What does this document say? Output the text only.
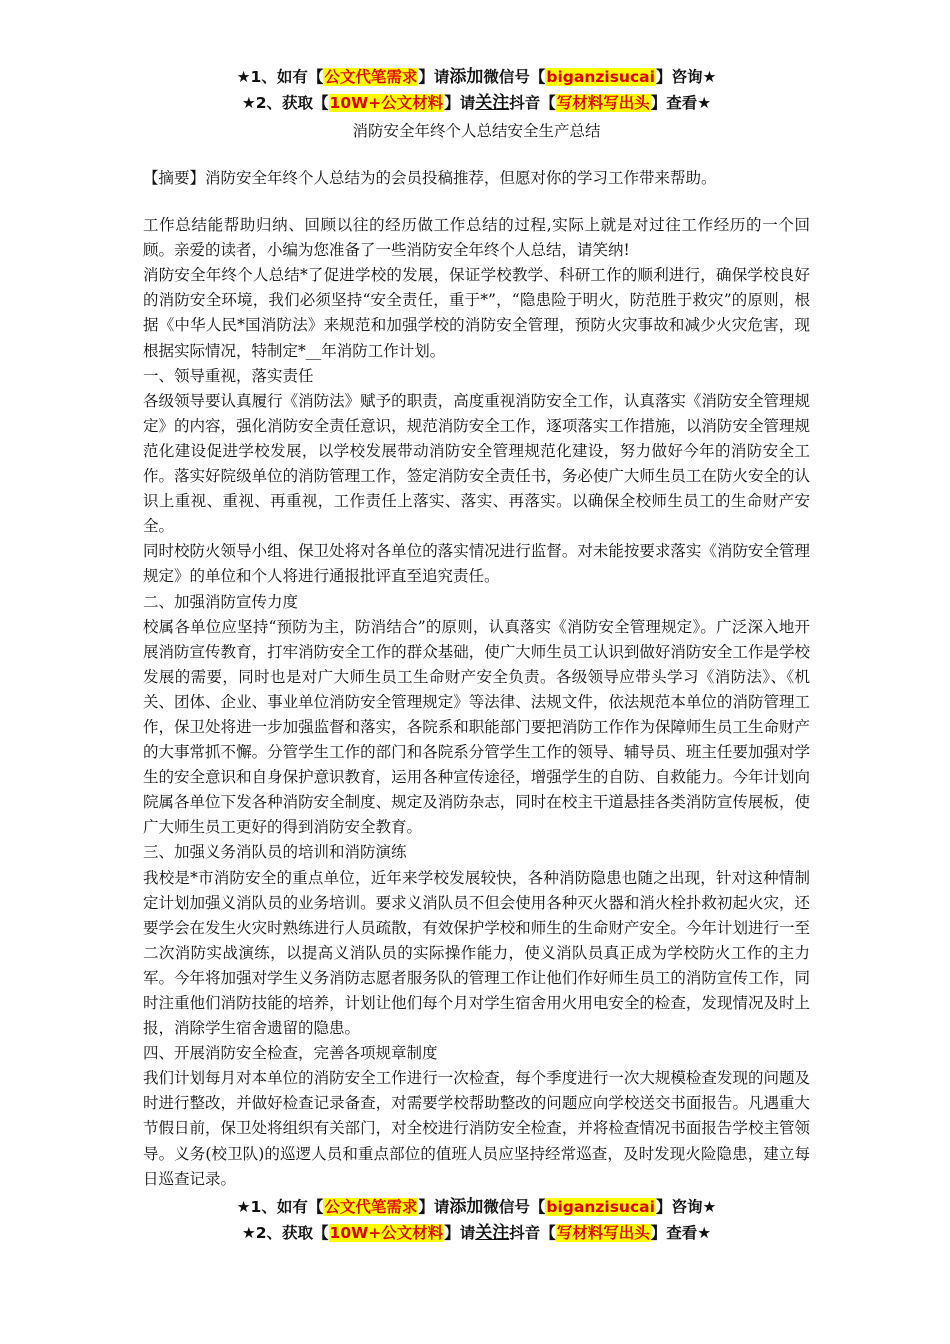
★1、如有【公文代笔需求】请添加微信号【biganzisucai】咨询★
★2、获取【10W+公文材料】请关注抖音【写材料写出头】查看★
消防安全年终个人总结安全生产总结

【摘要】消防安全年终个人总结为的会员投稿推荐，但愿对你的学习工作带来帮助。

工作总结能帮助归纳、回顾以往的经历做工作总结的过程,实际上就是对过往工作经历的一个回顾。亲爱的读者，小编为您准备了一些消防安全年终个人总结，请笑纳!

消防安全年终个人总结*了促进学校的发展，保证学校教学、科研工作的顺利进行，确保学校良好的消防安全环境，我们必须坚持“安全责任，重于*”，“隐患险于明火，防范胜于救灾”的原则，根据《中华人民*国消防法》来规范和加强学校的消防安全管理，预防火灾事故和减少火灾危害，现根据实际情况，特制定*__年消防工作计划。

一、领导重视，落实责任

各级领导要认真履行《消防法》赋予的职责，高度重视消防安全工作，认真落实《消防安全管理规定》的内容，强化消防安全责任意识，规范消防安全工作，逐项落实工作措施，以消防安全管理规范化建设促进学校发展，以学校发展带动消防安全管理规范化建设，努力做好今年的消防安全工作。落实好院级单位的消防管理工作，签定消防安全责任书，务必使广大师生员工在防火安全的认识上重视、重视、再重视，工作责任上落实、落实、再落实。以确保全校师生员工的生命财产安全。

同时校防火领导小组、保卫处将对各单位的落实情况进行监督。对未能按要求落实《消防安全管理规定》的单位和个人将进行通报批评直至追究责任。

二、加强消防宣传力度

校属各单位应坚持“预防为主，防消结合”的原则，认真落实《消防安全管理规定》。广泛深入地开展消防宣传教育，打牢消防安全工作的群众基础，使广大师生员工认识到做好消防安全工作是学校发展的需要，同时也是对广大师生员工生命财产安全负责。各级领导应带头学习《消防法》、《机关、团体、企业、事业单位消防安全管理规定》等法律、法规文件，依法规范本单位的消防管理工作，保卫处将进一步加强监督和落实，各院系和职能部门要把消防工作作为保障师生员工生命财产的大事常抓不懈。分管学生工作的部门和各院系分管学生工作的领导、辅导员、班主任要加强对学生的安全意识和自身保护意识教育，运用各种宣传途径，增强学生的自防、自救能力。今年计划向院属各单位下发各种消防安全制度、规定及消防杂志，同时在校主干道悬挂各类消防宣传展板，使广大师生员工更好的得到消防安全教育。

三、加强义务消队员的培训和消防演练

我校是*市消防安全的重点单位，近年来学校发展较快，各种消防隐患也随之出现，针对这种情制定计划加强义消队员的业务培训。要求义消队员不但会使用各种灭火器和消火栓扑救初起火灾，还要学会在发生火灾时熟练进行人员疏散，有效保护学校和师生的生命财产安全。今年计划进行一至二次消防实战演练，以提高义消队员的实际操作能力，使义消队员真正成为学校防火工作的主力军。今年将加强对学生义务消防志愿者服务队的管理工作让他们作好师生员工的消防宣传工作，同时注重他们消防技能的培养，计划让他们每个月对学生宿舍用火用电安全的检查，发现情况及时上报，消除学生宿舍遗留的隐患。

四、开展消防安全检查，完善各项规章制度

我们计划每月对本单位的消防安全工作进行一次检查，每个季度进行一次大规模检查发现的问题及时进行整改，并做好检查记录备查，对需要学校帮助整改的问题应向学校送交书面报告。凡遇重大节假日前，保卫处将组织有关部门，对全校进行消防安全检查，并将检查情况书面报告学校主管领导。义务(校卫队)的巡逻人员和重点部位的值班人员应坚持经常巡查，及时发现火险隐患，建立每日巡查记录。

★1、如有【公文代笔需求】请添加微信号【biganzisucai】咨询★
★2、获取【10W+公文材料】请关注抖音【写材料写出头】查看★
